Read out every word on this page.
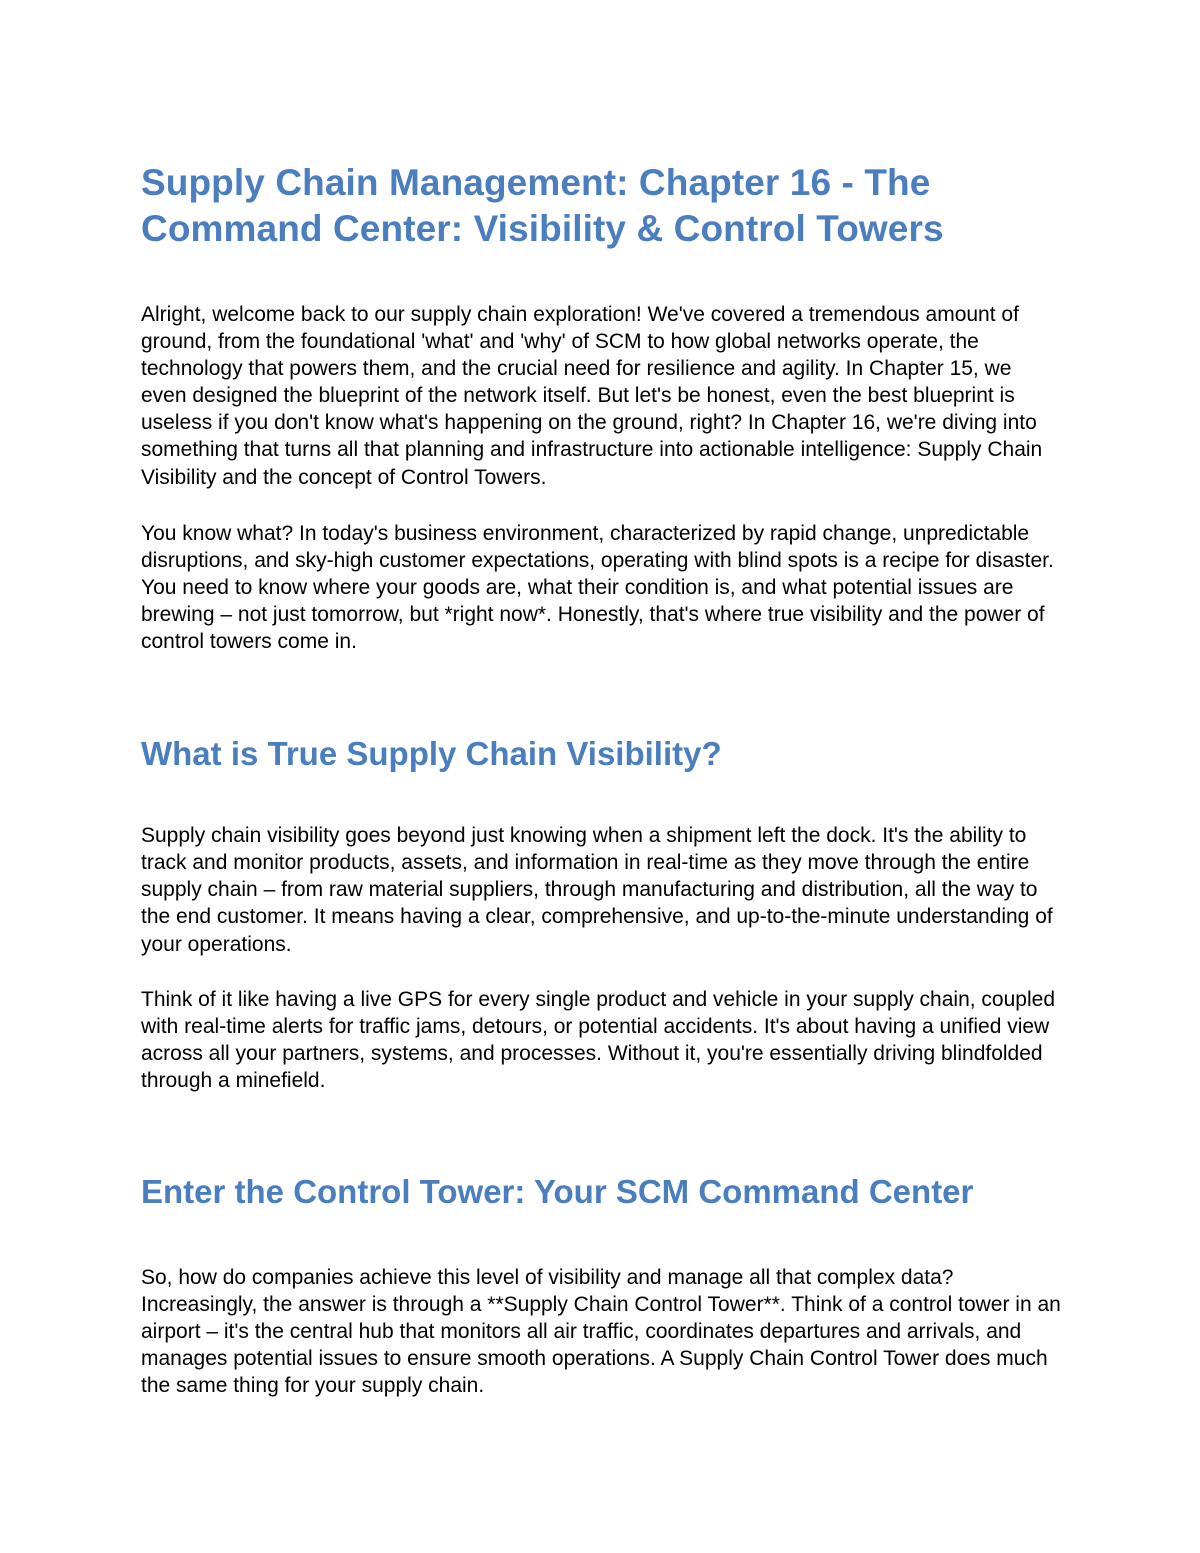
Supply Chain Management: Chapter 16 - The Command Center: Visibility & Control Towers

Alright, welcome back to our supply chain exploration! We've covered a tremendous amount of ground, from the foundational 'what' and 'why' of SCM to how global networks operate, the technology that powers them, and the crucial need for resilience and agility. In Chapter 15, we even designed the blueprint of the network itself. But let's be honest, even the best blueprint is useless if you don't know what's happening on the ground, right? In Chapter 16, we're diving into something that turns all that planning and infrastructure into actionable intelligence: Supply Chain Visibility and the concept of Control Towers.

You know what? In today's business environment, characterized by rapid change, unpredictable disruptions, and sky-high customer expectations, operating with blind spots is a recipe for disaster. You need to know where your goods are, what their condition is, and what potential issues are brewing – not just tomorrow, but *right now*. Honestly, that's where true visibility and the power of control towers come in.

What is True Supply Chain Visibility?

Supply chain visibility goes beyond just knowing when a shipment left the dock. It's the ability to track and monitor products, assets, and information in real-time as they move through the entire supply chain – from raw material suppliers, through manufacturing and distribution, all the way to the end customer. It means having a clear, comprehensive, and up-to-the-minute understanding of your operations.

Think of it like having a live GPS for every single product and vehicle in your supply chain, coupled with real-time alerts for traffic jams, detours, or potential accidents. It's about having a unified view across all your partners, systems, and processes. Without it, you're essentially driving blindfolded through a minefield.

Enter the Control Tower: Your SCM Command Center

So, how do companies achieve this level of visibility and manage all that complex data? Increasingly, the answer is through a **Supply Chain Control Tower**. Think of a control tower in an airport – it's the central hub that monitors all air traffic, coordinates departures and arrivals, and manages potential issues to ensure smooth operations. A Supply Chain Control Tower does much the same thing for your supply chain.
